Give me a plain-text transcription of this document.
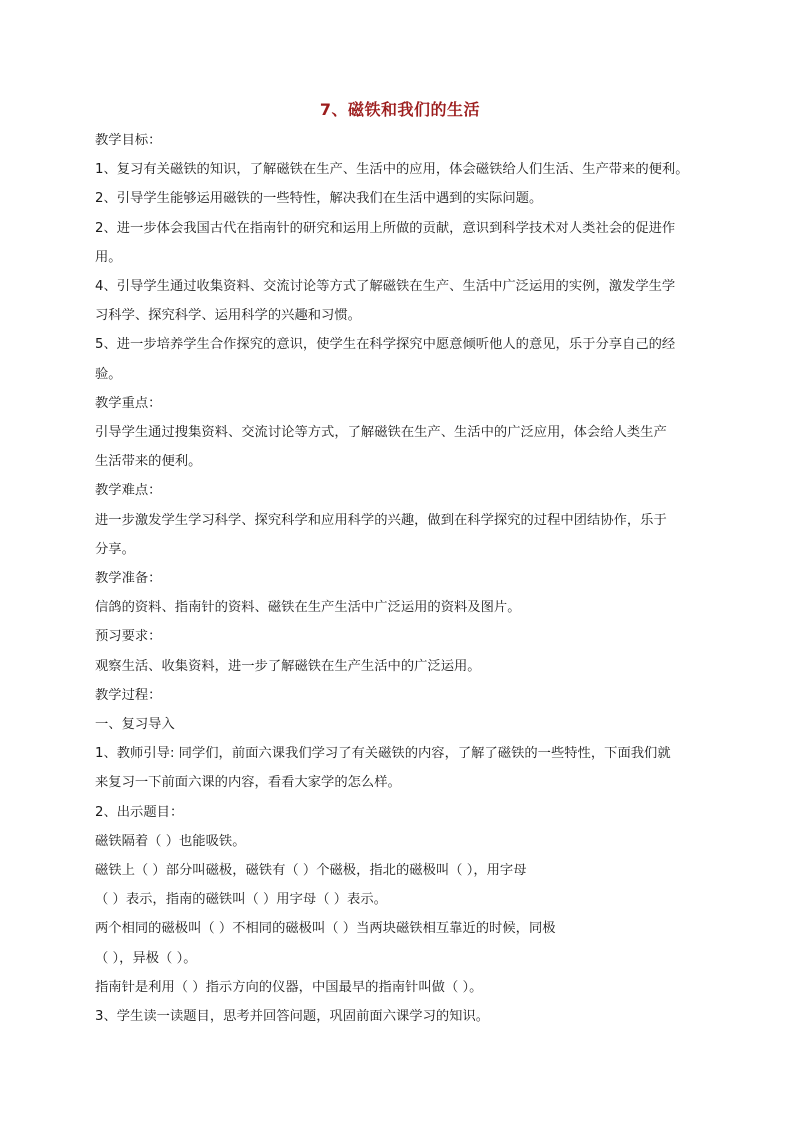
7、磁铁和我们的生活

教学目标：

1、复习有关磁铁的知识，了解磁铁在生产、生活中的应用，体会磁铁给人们生活、生产带来的便利。

2、引导学生能够运用磁铁的一些特性，解决我们在生活中遇到的实际问题。

2、进一步体会我国古代在指南针的研究和运用上所做的贡献，意识到科学技术对人类社会的促进作

用。

4、引导学生通过收集资料、交流讨论等方式了解磁铁在生产、生活中广泛运用的实例，激发学生学

习科学、探究科学、运用科学的兴趣和习惯。

5、进一步培养学生合作探究的意识，使学生在科学探究中愿意倾听他人的意见，乐于分享自己的经

验。

教学重点：

引导学生通过搜集资料、交流讨论等方式，了解磁铁在生产、生活中的广泛应用，体会给人类生产

生活带来的便利。

教学难点：

进一步激发学生学习科学、探究科学和应用科学的兴趣，做到在科学探究的过程中团结协作，乐于

分享。

教学准备：

信鸽的资料、指南针的资料、磁铁在生产生活中广泛运用的资料及图片。

预习要求：

观察生活、收集资料，进一步了解磁铁在生产生活中的广泛运用。

教学过程：

一、复习导入

1、教师引导: 同学们，前面六课我们学习了有关磁铁的内容，了解了磁铁的一些特性，下面我们就

来复习一下前面六课的内容，看看大家学的怎么样。

2、出示题目：

磁铁隔着（ ）也能吸铁。

磁铁上（ ）部分叫磁极，磁铁有（ ）个磁极，指北的磁极叫（ ），用字母

（ ）表示，指南的磁铁叫（ ）用字母（ ）表示。

两个相同的磁极叫（ ）不相同的磁极叫（ ）当两块磁铁相互靠近的时候，同极

（ ），异极（ ）。

指南针是利用（ ）指示方向的仪器，中国最早的指南针叫做（ ）。

3、学生读一读题目，思考并回答问题，巩固前面六课学习的知识。
